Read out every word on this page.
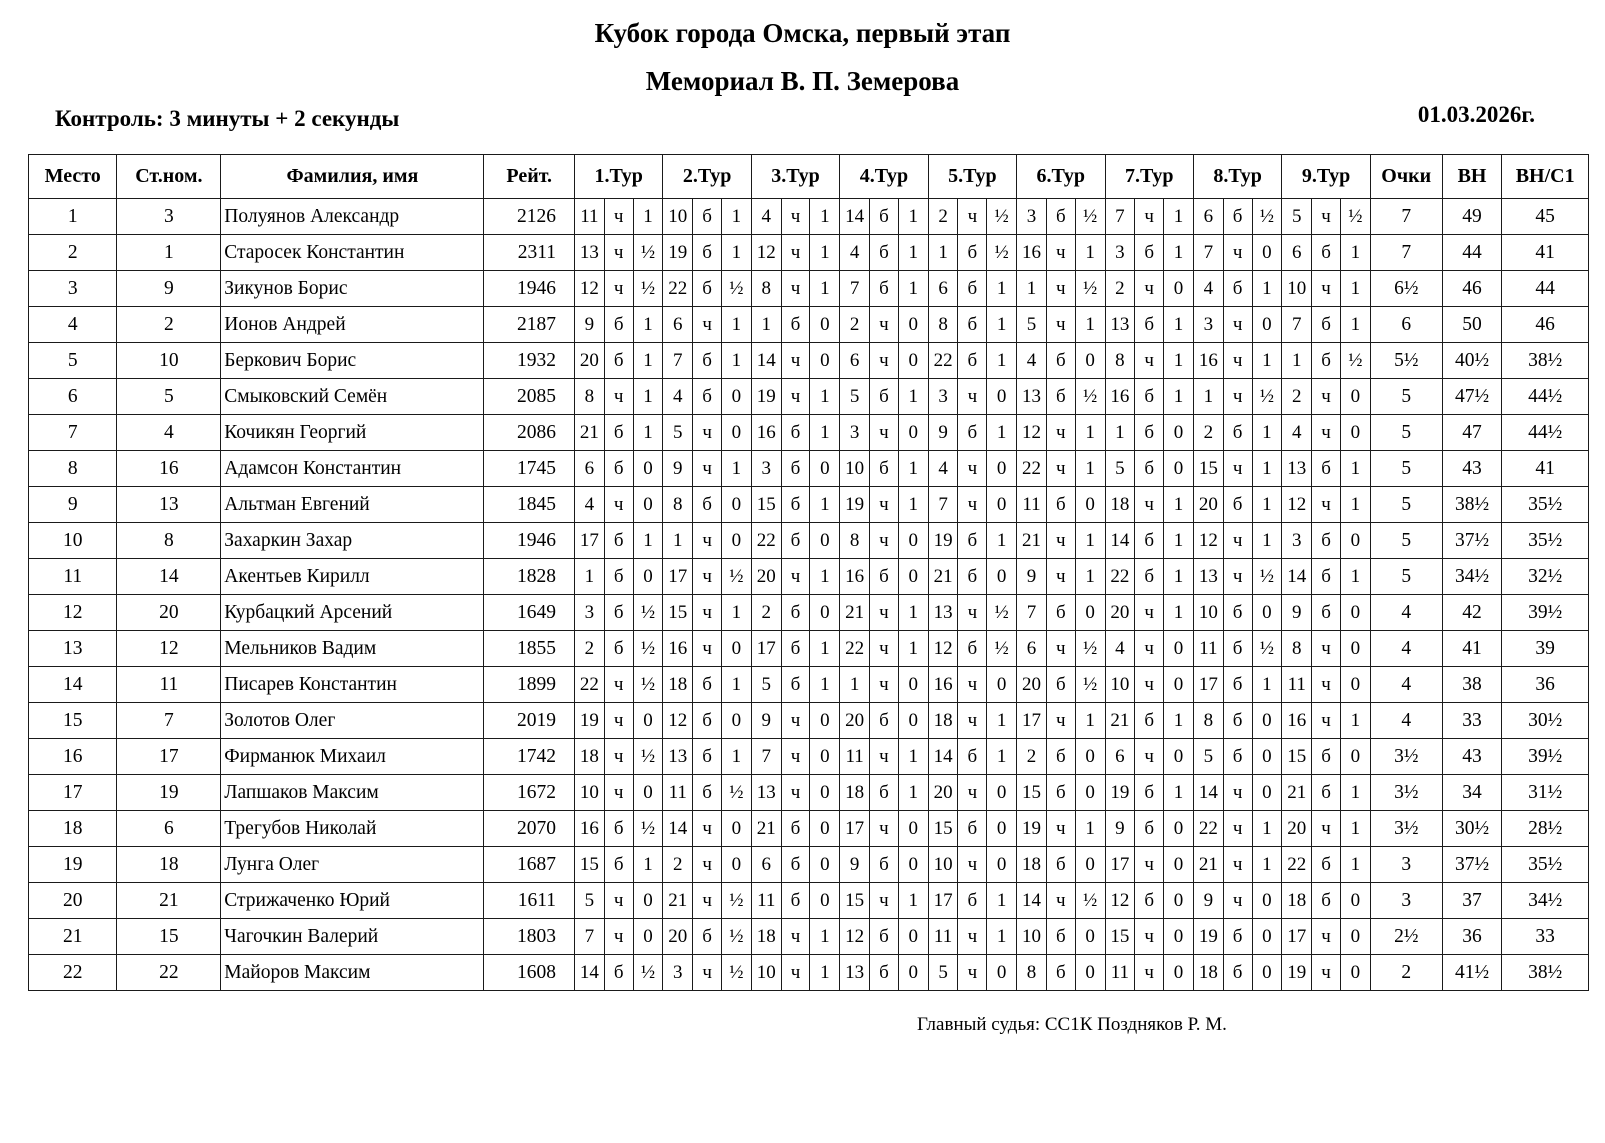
Кубок города Омска, первый этап
Мемориал В. П. Земерова
Контроль: 3 минуты + 2 секунды	01.03.2026г.
Место	Ст.ном.	Фамилия, имя	Рейт.	1.Тур			2.Тур			3.Тур			4.Тур			5.Тур			6.Тур			7.Тур			8.Тур			9.Тур			Очки	ВН	ВН/С1
1	3	Полуянов Александр	2126	11	ч	1	10	б	1	4	ч	1	14	б	1	2	ч	½	3	б	½	7	ч	1	6	б	½	5	ч	½	7	49	45
2	1	Старосек Константин	2311	13	ч	½	19	б	1	12	ч	1	4	б	1	1	б	½	16	ч	1	3	б	1	7	ч	0	6	б	1	7	44	41
3	9	Зикунов Борис	1946	12	ч	½	22	б	½	8	ч	1	7	б	1	6	б	1	1	ч	½	2	ч	0	4	б	1	10	ч	1	6½	46	44
4	2	Ионов Андрей	2187	9	б	1	6	ч	1	1	б	0	2	ч	0	8	б	1	5	ч	1	13	б	1	3	ч	0	7	б	1	6	50	46
5	10	Беркович Борис	1932	20	б	1	7	б	1	14	ч	0	6	ч	0	22	б	1	4	б	0	8	ч	1	16	ч	1	1	б	½	5½	40½	38½
6	5	Смыковский Семён	2085	8	ч	1	4	б	0	19	ч	1	5	б	1	3	ч	0	13	б	½	16	б	1	1	ч	½	2	ч	0	5	47½	44½
7	4	Кочикян Георгий	2086	21	б	1	5	ч	0	16	б	1	3	ч	0	9	б	1	12	ч	1	1	б	0	2	б	1	4	ч	0	5	47	44½
8	16	Адамсон Константин	1745	6	б	0	9	ч	1	3	б	0	10	б	1	4	ч	0	22	ч	1	5	б	0	15	ч	1	13	б	1	5	43	41
9	13	Альтман Евгений	1845	4	ч	0	8	б	0	15	б	1	19	ч	1	7	ч	0	11	б	0	18	ч	1	20	б	1	12	ч	1	5	38½	35½
10	8	Захаркин Захар	1946	17	б	1	1	ч	0	22	б	0	8	ч	0	19	б	1	21	ч	1	14	б	1	12	ч	1	3	б	0	5	37½	35½
11	14	Акентьев Кирилл	1828	1	б	0	17	ч	½	20	ч	1	16	б	0	21	б	0	9	ч	1	22	б	1	13	ч	½	14	б	1	5	34½	32½
12	20	Курбацкий Арсений	1649	3	б	½	15	ч	1	2	б	0	21	ч	1	13	ч	½	7	б	0	20	ч	1	10	б	0	9	б	0	4	42	39½
13	12	Мельников Вадим	1855	2	б	½	16	ч	0	17	б	1	22	ч	1	12	б	½	6	ч	½	4	ч	0	11	б	½	8	ч	0	4	41	39
14	11	Писарев Константин	1899	22	ч	½	18	б	1	5	б	1	1	ч	0	16	ч	0	20	б	½	10	ч	0	17	б	1	11	ч	0	4	38	36
15	7	Золотов Олег	2019	19	ч	0	12	б	0	9	ч	0	20	б	0	18	ч	1	17	ч	1	21	б	1	8	б	0	16	ч	1	4	33	30½
16	17	Фирманюк Михаил	1742	18	ч	½	13	б	1	7	ч	0	11	ч	1	14	б	1	2	б	0	6	ч	0	5	б	0	15	б	0	3½	43	39½
17	19	Лапшаков Максим	1672	10	ч	0	11	б	½	13	ч	0	18	б	1	20	ч	0	15	б	0	19	б	1	14	ч	0	21	б	1	3½	34	31½
18	6	Трегубов Николай	2070	16	б	½	14	ч	0	21	б	0	17	ч	0	15	б	0	19	ч	1	9	б	0	22	ч	1	20	ч	1	3½	30½	28½
19	18	Лунга Олег	1687	15	б	1	2	ч	0	6	б	0	9	б	0	10	ч	0	18	б	0	17	ч	0	21	ч	1	22	б	1	3	37½	35½
20	21	Стрижаченко Юрий	1611	5	ч	0	21	ч	½	11	б	0	15	ч	1	17	б	1	14	ч	½	12	б	0	9	ч	0	18	б	0	3	37	34½
21	15	Чагочкин Валерий	1803	7	ч	0	20	б	½	18	ч	1	12	б	0	11	ч	1	10	б	0	15	ч	0	19	б	0	17	ч	0	2½	36	33
22	22	Майоров Максим	1608	14	б	½	3	ч	½	10	ч	1	13	б	0	5	ч	0	8	б	0	11	ч	0	18	б	0	19	ч	0	2	41½	38½
Главный судья: СС1К Поздняков Р. М.
